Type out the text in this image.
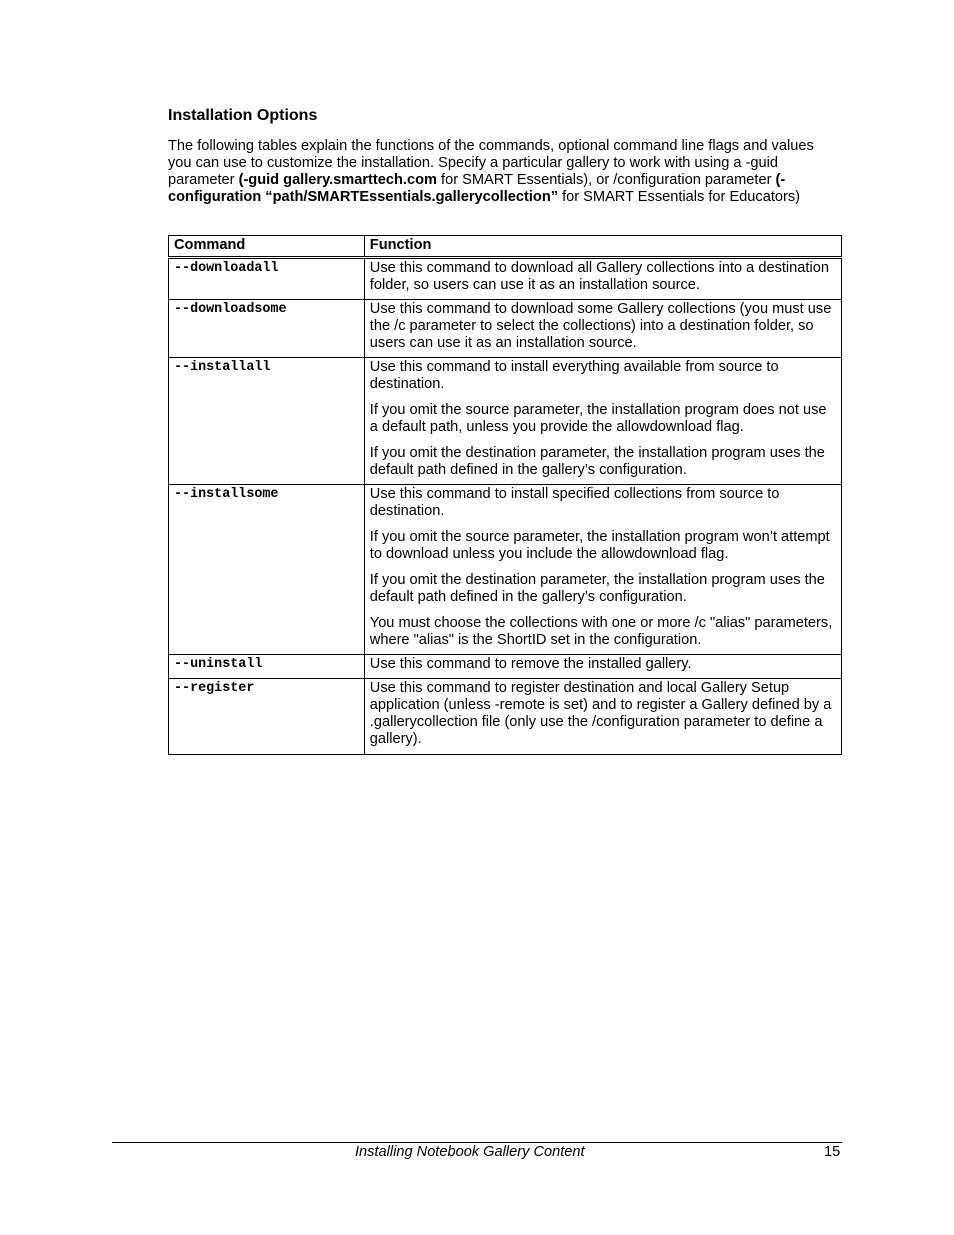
Installation Options

The following tables explain the functions of the commands, optional command line flags and values you can use to customize the installation. Specify a particular gallery to work with using a -guid parameter (-guid gallery.smarttech.com for SMART Essentials), or /configuration parameter (-configuration “path/SMARTEssentials.gallerycollection” for SMART Essentials for Educators)

Command	Function
--downloadall	Use this command to download all Gallery collections into a destination folder, so users can use it as an installation source.

--downloadsome	Use this command to download some Gallery collections (you must use the /c parameter to select the collections) into a destination folder, so users can use it as an installation source.

--installall	Use this command to install everything available from source to destination.

If you omit the source parameter, the installation program does not use a default path, unless you provide the allowdownload flag.

If you omit the destination parameter, the installation program uses the default path defined in the gallery’s configuration.

--installsome	Use this command to install specified collections from source to destination.

If you omit the source parameter, the installation program won’t attempt to download unless you include the allowdownload flag.

If you omit the destination parameter, the installation program uses the default path defined in the gallery’s configuration.

You must choose the collections with one or more /c "alias" parameters, where "alias" is the ShortID set in the configuration.

--uninstall	Use this command to remove the installed gallery.

--register	Use this command to register destination and local Gallery Setup application (unless -remote is set) and to register a Gallery defined by a .gallerycollection file (only use the /configuration parameter to define a gallery).

Installing Notebook Gallery Content	15
